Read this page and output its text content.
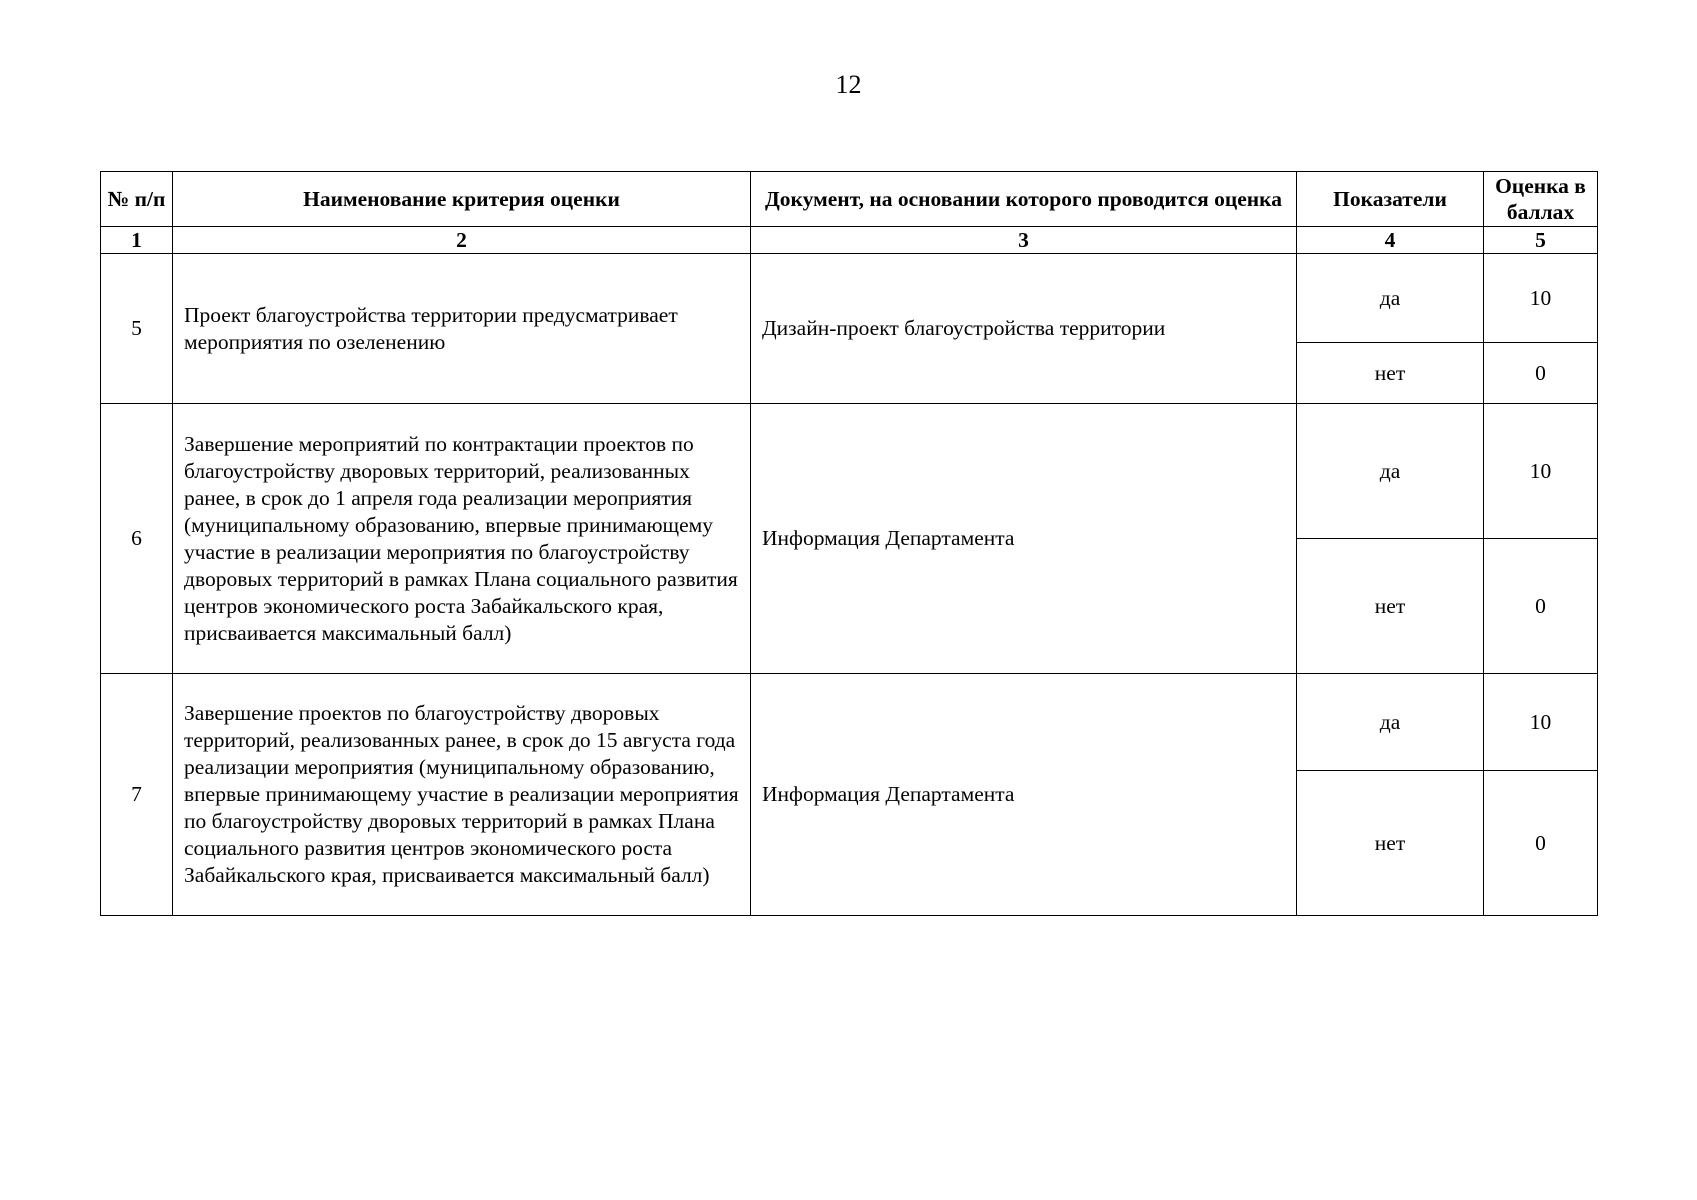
12
№ п/п	Наименование критерия оценки	Документ, на основании которого проводится оценка	Показатели	Оценка в баллах
1	2	3	4	5
5	Проект благоустройства территории предусматривает мероприятия по озеленению	Дизайн-проект благоустройства территории	да	10
			нет	0
6	Завершение мероприятий по контрактации проектов по благоустройству дворовых территорий, реализованных ранее, в срок до 1 апреля года реализации мероприятия (муниципальному образованию, впервые принимающему участие в реализации мероприятия по благоустройству дворовых территорий в рамках Плана социального развития центров экономического роста Забайкальского края, присваивается максимальный балл)	Информация Департамента	да	10
			нет	0
7	Завершение проектов по благоустройству дворовых территорий, реализованных ранее, в срок до 15 августа года реализации мероприятия (муниципальному образованию, впервые принимающему участие в реализации мероприятия по благоустройству дворовых территорий в рамках Плана социального развития центров экономического роста Забайкальского края, присваивается максимальный балл)	Информация Департамента	да	10
			нет	0
